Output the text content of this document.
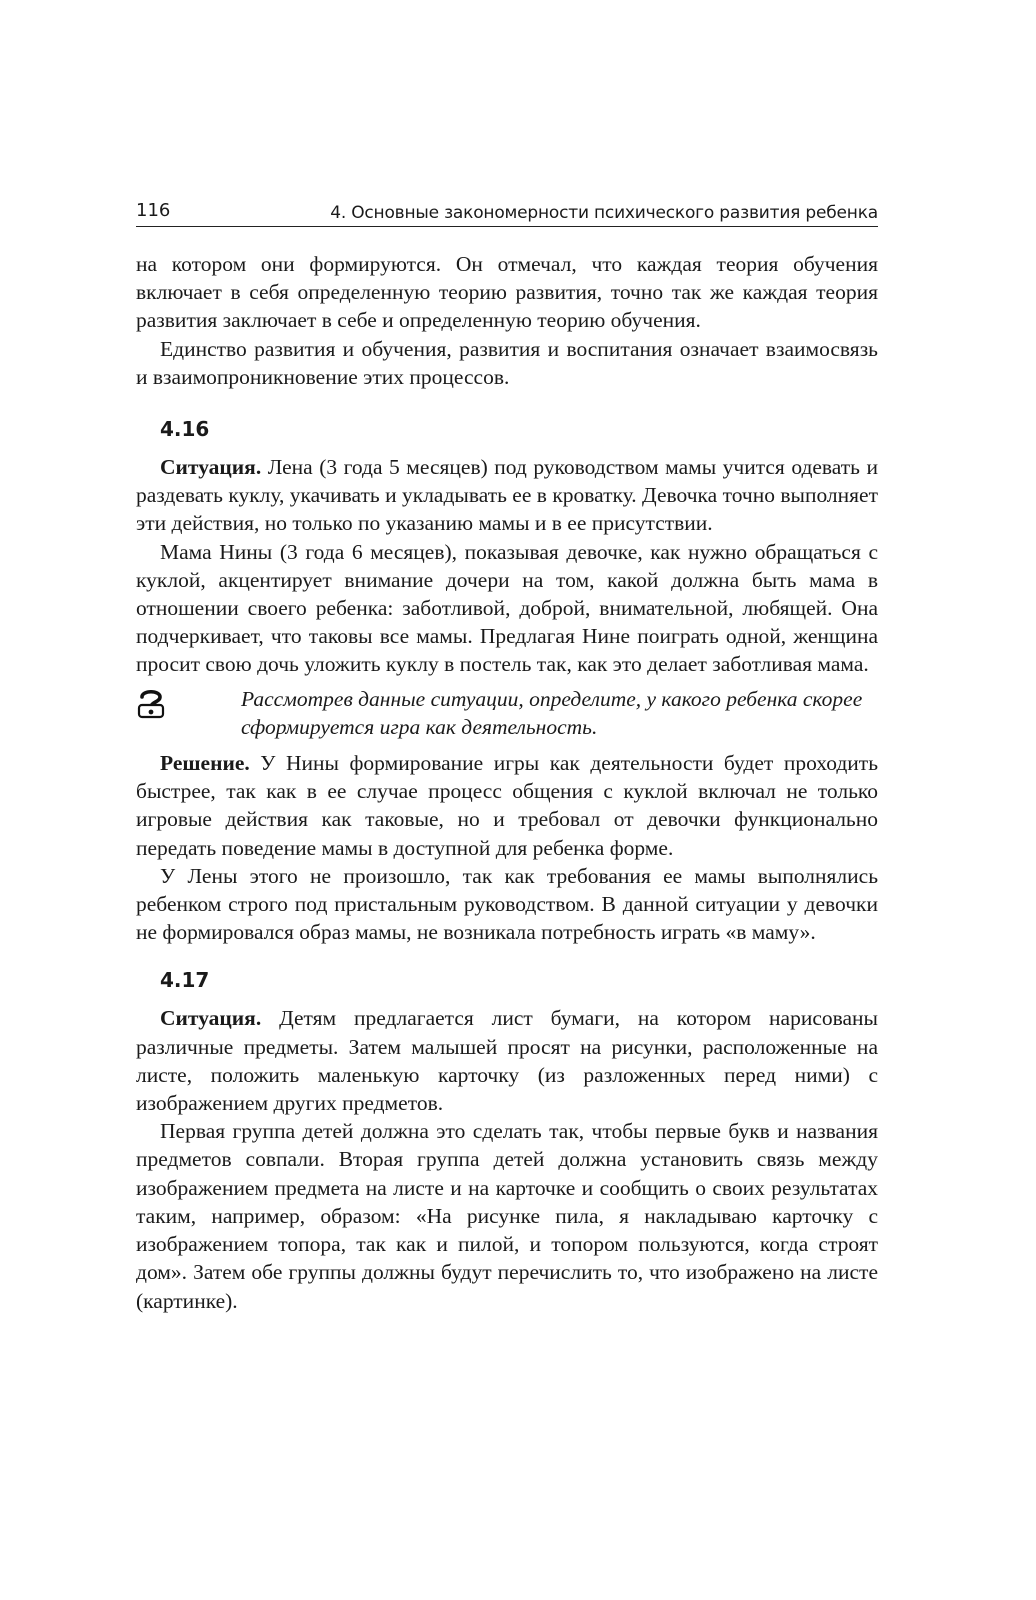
116	4. Основные закономерности психического развития ребенка

на котором они формируются. Он отмечал, что каждая теория обучения включает в себя определенную теорию развития, точно так же каждая теория развития заключает в себе и определенную теорию обучения.

Единство развития и обучения, развития и воспитания означает взаимосвязь и взаимопроникновение этих процессов.

4.16

Ситуация. Лена (3 года 5 месяцев) под руководством мамы учится одевать и раздевать куклу, укачивать и укладывать ее в кроватку. Девочка точно выполняет эти действия, но только по указанию мамы и в ее присутствии.

Мама Нины (3 года 6 месяцев), показывая девочке, как нужно обращаться с куклой, акцентирует внимание дочери на том, какой должна быть мама в отношении своего ребенка: заботливой, доброй, внимательной, любящей. Она подчеркивает, что таковы все мамы. Предлагая Нине поиграть одной, женщина просит свою дочь уложить куклу в постель так, как это делает заботливая мама.

Рассмотрев данные ситуации, определите, у какого ребенка скорее сформируется игра как деятельность.

Решение. У Нины формирование игры как деятельности будет проходить быстрее, так как в ее случае процесс общения с куклой включал не только игровые действия как таковые, но и требовал от девочки функционально передать поведение мамы в доступной для ребенка форме.

У Лены этого не произошло, так как требования ее мамы выполнялись ребенком строго под пристальным руководством. В данной ситуации у девочки не формировался образ мамы, не возникала потребность играть «в маму».

4.17

Ситуация. Детям предлагается лист бумаги, на котором нарисованы различные предметы. Затем малышей просят на рисунки, расположенные на листе, положить маленькую карточку (из разложенных перед ними) с изображением других предметов.

Первая группа детей должна это сделать так, чтобы первые букв и названия предметов совпали. Вторая группа детей должна установить связь между изображением предмета на листе и на карточке и сообщить о своих результатах таким, например, образом: «На рисунке пила, я накладываю карточку с изображением топора, так как и пилой, и топором пользуются, когда строят дом». Затем обе группы должны будут перечислить то, что изображено на листе (картинке).
